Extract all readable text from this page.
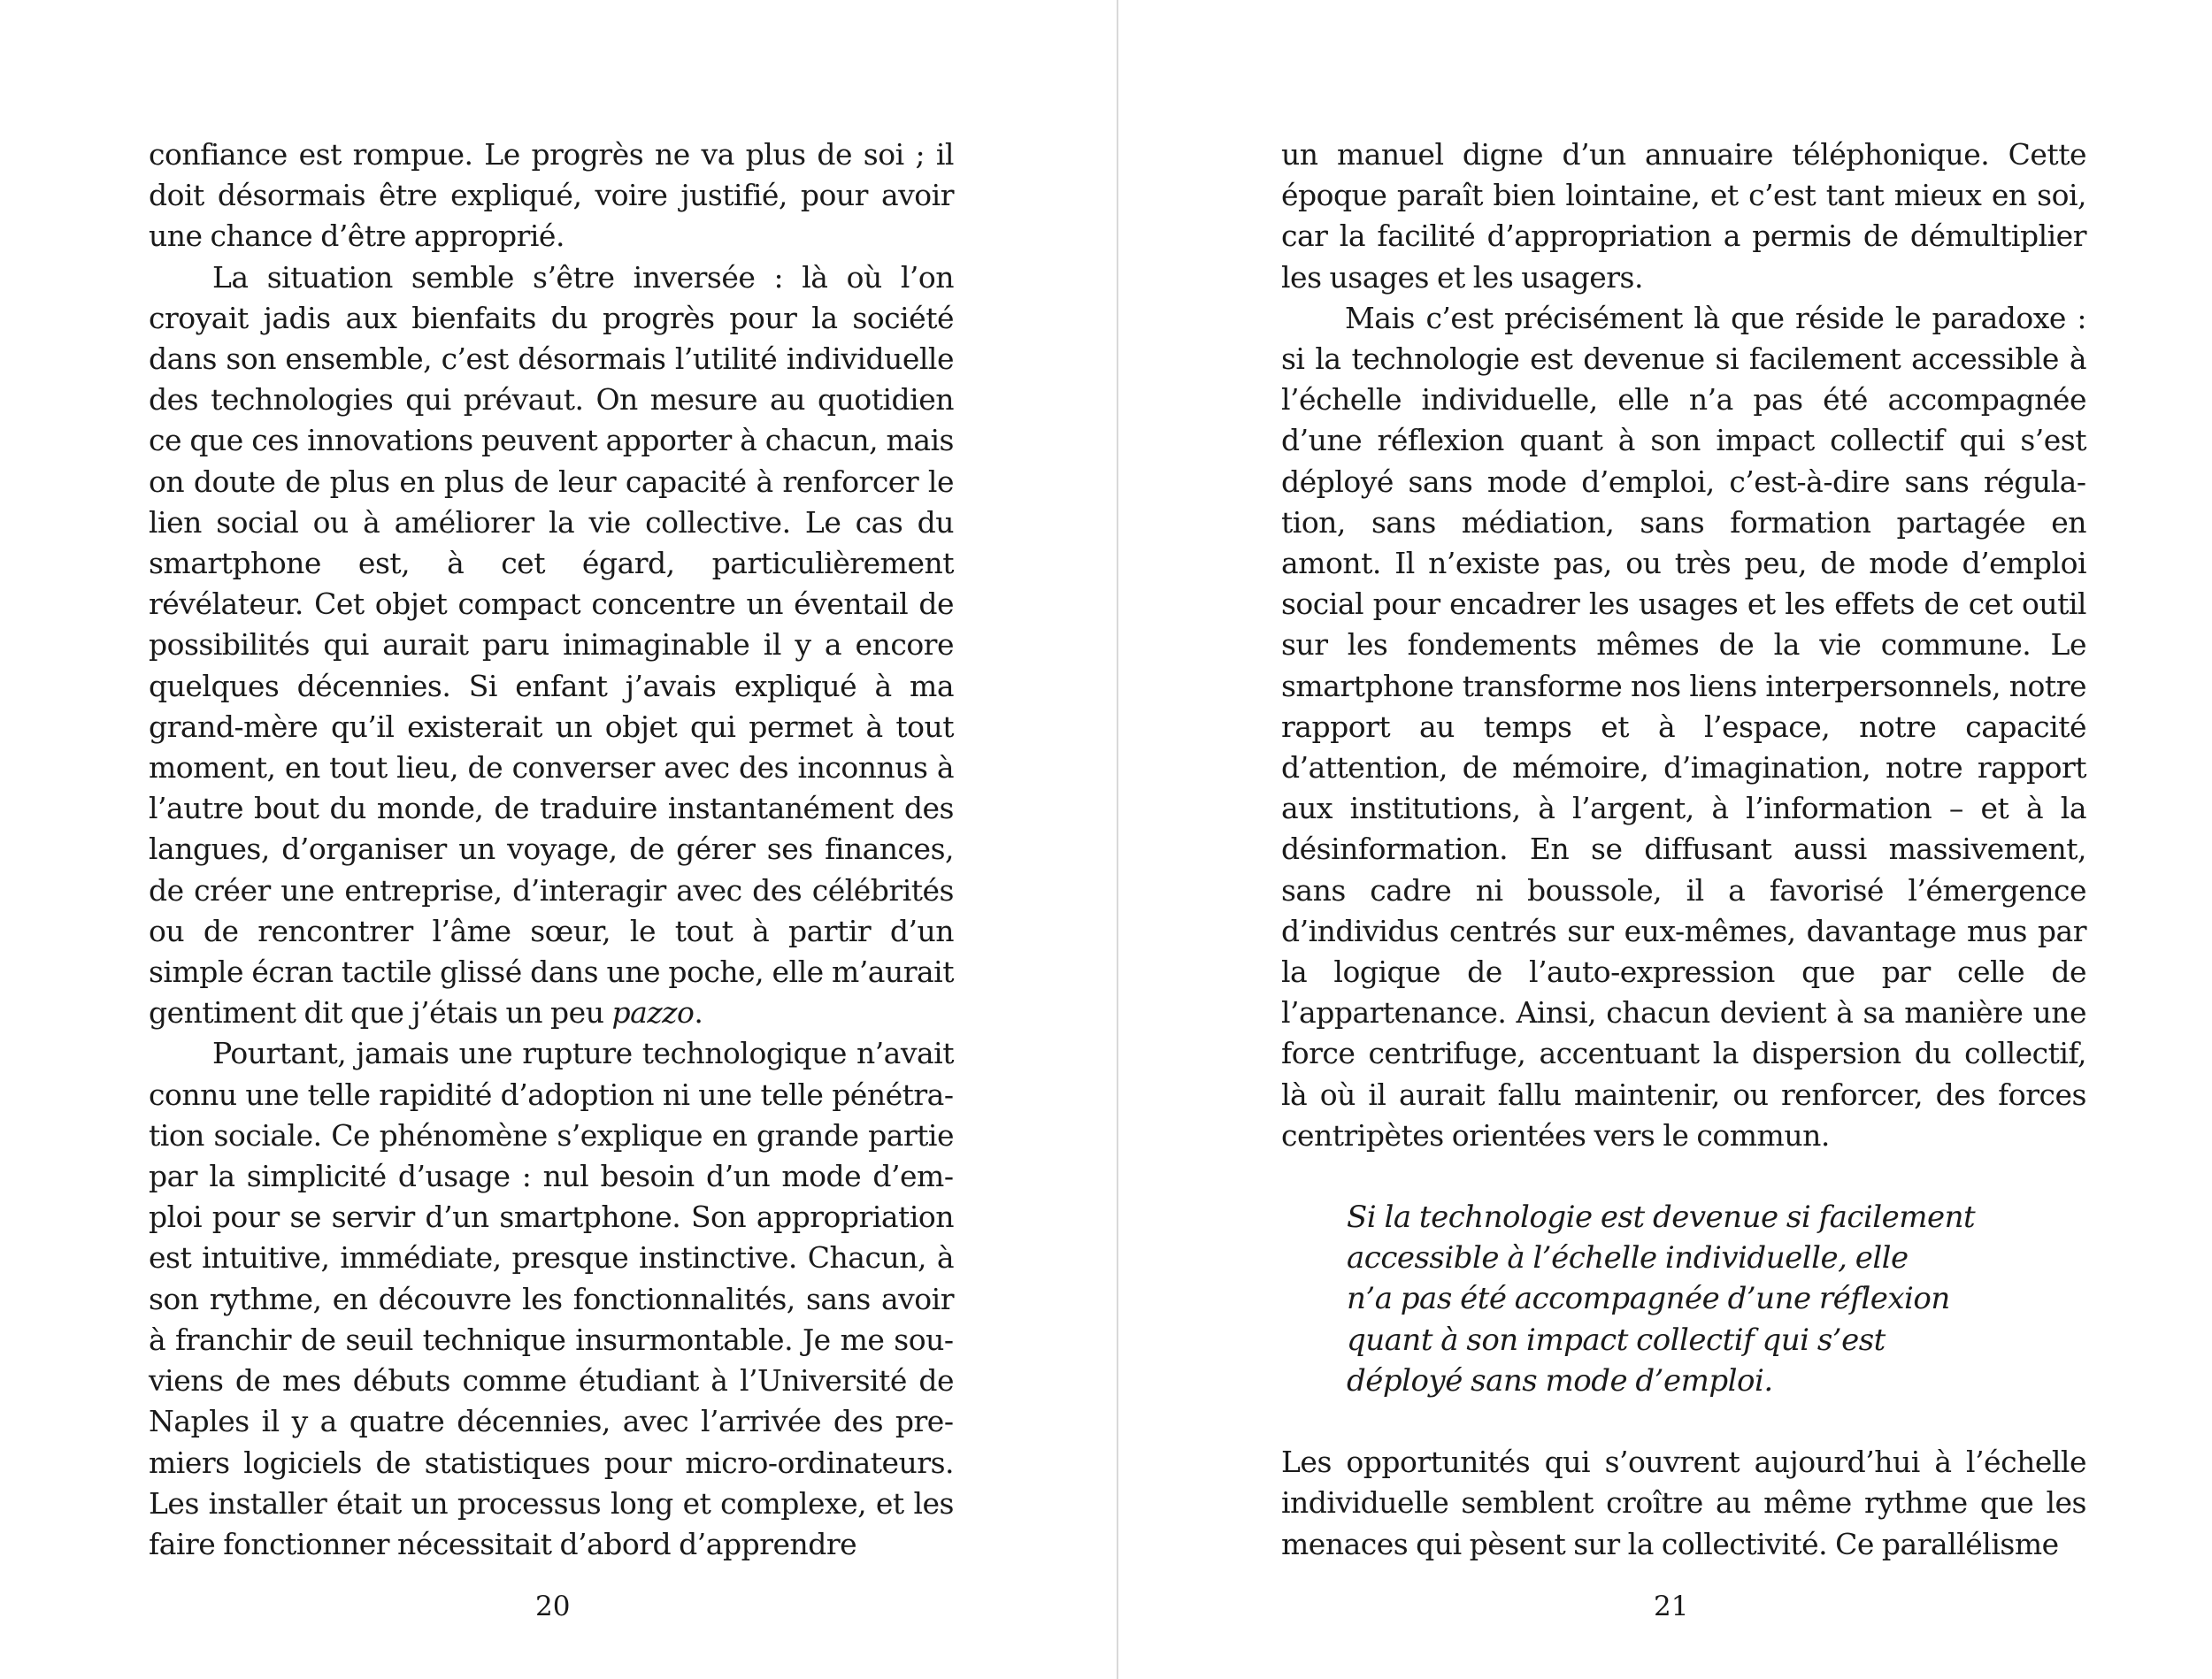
confiance est rompue. Le progrès ne va plus de soi ; il doit désormais être expliqué, voire justifié, pour avoir une chance d’être approprié.

La situation semble s’être inversée : là où l’on croyait jadis aux bienfaits du progrès pour la société dans son ensemble, c’est désormais l’utilité individuelle des technologies qui prévaut. On mesure au quotidien ce que ces innovations peuvent apporter à chacun, mais on doute de plus en plus de leur capacité à renforcer le lien social ou à améliorer la vie collective. Le cas du smartphone est, à cet égard, particulièrement révélateur. Cet objet compact concentre un éventail de possibilités qui aurait paru inimaginable il y a encore quelques décennies. Si enfant j’avais expliqué à ma grand-mère qu’il existerait un objet qui permet à tout moment, en tout lieu, de converser avec des inconnus à l’autre bout du monde, de traduire instantanément des langues, d’organiser un voyage, de gérer ses finances, de créer une entreprise, d’interagir avec des célébrités ou de rencontrer l’âme sœur, le tout à partir d’un simple écran tactile glissé dans une poche, elle m’aurait gentiment dit que j’étais un peu pazzo.

Pourtant, jamais une rupture technologique n’avait connu une telle rapidité d’adoption ni une telle pénétration sociale. Ce phénomène s’explique en grande partie par la simplicité d’usage : nul besoin d’un mode d’emploi pour se servir d’un smartphone. Son appropriation est intuitive, immédiate, presque instinctive. Chacun, à son rythme, en découvre les fonctionnalités, sans avoir à franchir de seuil technique insurmontable. Je me souviens de mes débuts comme étudiant à l’Université de Naples il y a quatre décennies, avec l’arrivée des premiers logiciels de statistiques pour micro-ordinateurs. Les installer était un processus long et complexe, et les faire fonctionner nécessitait d’abord d’apprendre

20

un manuel digne d’un annuaire téléphonique. Cette époque paraît bien lointaine, et c’est tant mieux en soi, car la facilité d’appropriation a permis de démultiplier les usages et les usagers.

Mais c’est précisément là que réside le paradoxe : si la technologie est devenue si facilement accessible à l’échelle individuelle, elle n’a pas été accompagnée d’une réflexion quant à son impact collectif qui s’est déployé sans mode d’emploi, c’est-à-dire sans régulation, sans médiation, sans formation partagée en amont. Il n’existe pas, ou très peu, de mode d’emploi social pour encadrer les usages et les effets de cet outil sur les fondements mêmes de la vie commune. Le smartphone transforme nos liens interpersonnels, notre rapport au temps et à l’espace, notre capacité d’attention, de mémoire, d’imagination, notre rapport aux institutions, à l’argent, à l’information – et à la désinformation. En se diffusant aussi massivement, sans cadre ni boussole, il a favorisé l’émergence d’individus centrés sur eux-mêmes, davantage mus par la logique de l’auto-expression que par celle de l’appartenance. Ainsi, chacun devient à sa manière une force centrifuge, accentuant la dispersion du collectif, là où il aurait fallu maintenir, ou renforcer, des forces centripètes orientées vers le commun.

Si la technologie est devenue si facilement
accessible à l’échelle individuelle, elle
n’a pas été accompagnée d’une réflexion
quant à son impact collectif qui s’est
déployé sans mode d’emploi.

Les opportunités qui s’ouvrent aujourd’hui à l’échelle individuelle semblent croître au même rythme que les menaces qui pèsent sur la collectivité. Ce parallélisme

21
